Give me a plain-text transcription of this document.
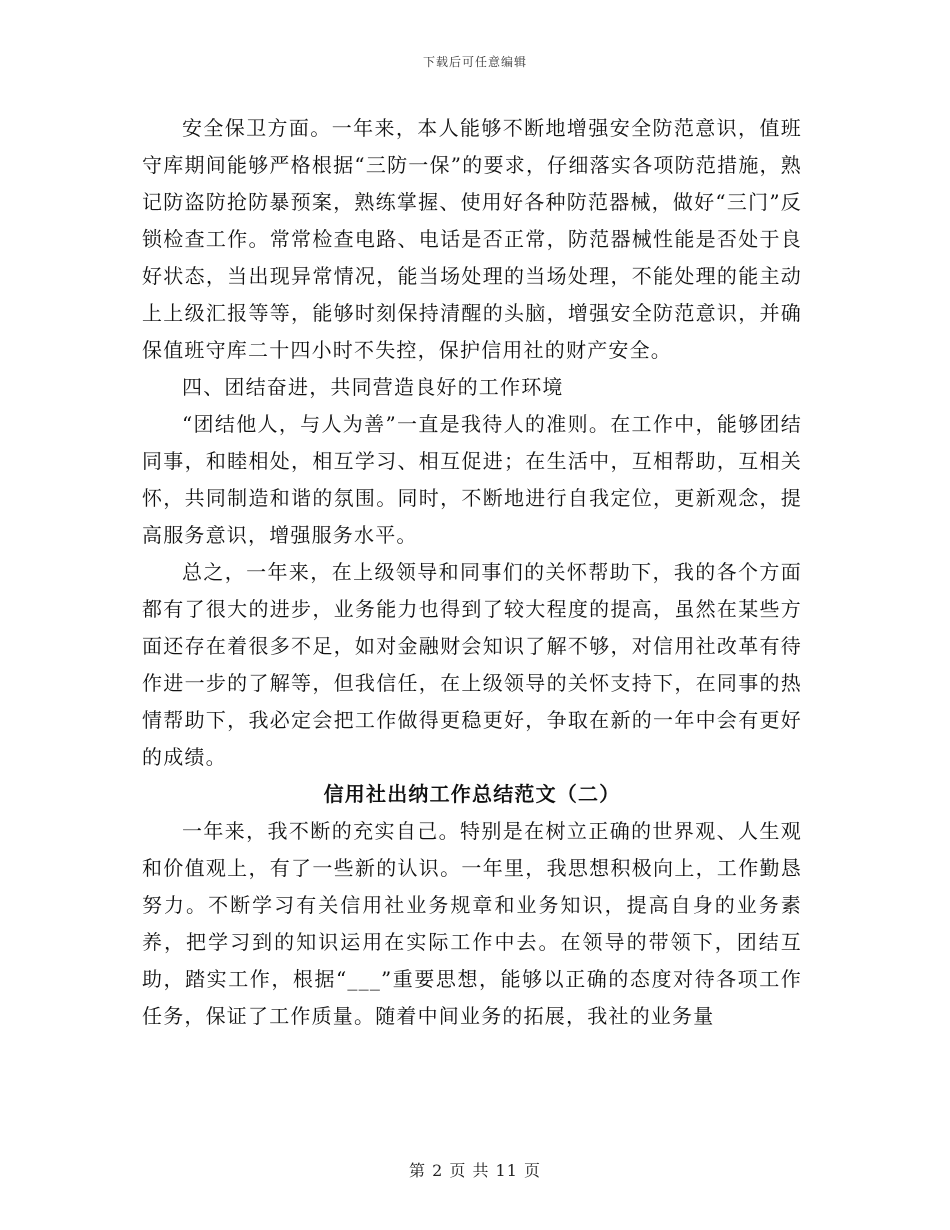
下载后可任意编辑

安全保卫方面。一年来，本人能够不断地增强安全防范意识，值班守库期间能够严格根据“三防一保”的要求，仔细落实各项防范措施，熟记防盗防抢防暴预案，熟练掌握、使用好各种防范器械，做好“三门”反锁检查工作。常常检查电路、电话是否正常，防范器械性能是否处于良好状态，当出现异常情况，能当场处理的当场处理，不能处理的能主动上上级汇报等等，能够时刻保持清醒的头脑，增强安全防范意识，并确保值班守库二十四小时不失控，保护信用社的财产安全。

四、团结奋进，共同营造良好的工作环境

“团结他人，与人为善”一直是我待人的准则。在工作中，能够团结同事，和睦相处，相互学习、相互促进；在生活中，互相帮助，互相关怀，共同制造和谐的氛围。同时，不断地进行自我定位，更新观念，提高服务意识，增强服务水平。

总之，一年来，在上级领导和同事们的关怀帮助下，我的各个方面都有了很大的进步，业务能力也得到了较大程度的提高，虽然在某些方面还存在着很多不足，如对金融财会知识了解不够，对信用社改革有待作进一步的了解等，但我信任，在上级领导的关怀支持下，在同事的热情帮助下，我必定会把工作做得更稳更好，争取在新的一年中会有更好的成绩。

信用社出纳工作总结范文（二）

一年来，我不断的充实自己。特别是在树立正确的世界观、人生观和价值观上，有了一些新的认识。一年里，我思想积极向上，工作勤恳努力。不断学习有关信用社业务规章和业务知识，提高自身的业务素养，把学习到的知识运用在实际工作中去。在领导的带领下，团结互助，踏实工作，根据“___”重要思想，能够以正确的态度对待各项工作任务，保证了工作质量。随着中间业务的拓展，我社的业务量

第 2 页 共 11 页
